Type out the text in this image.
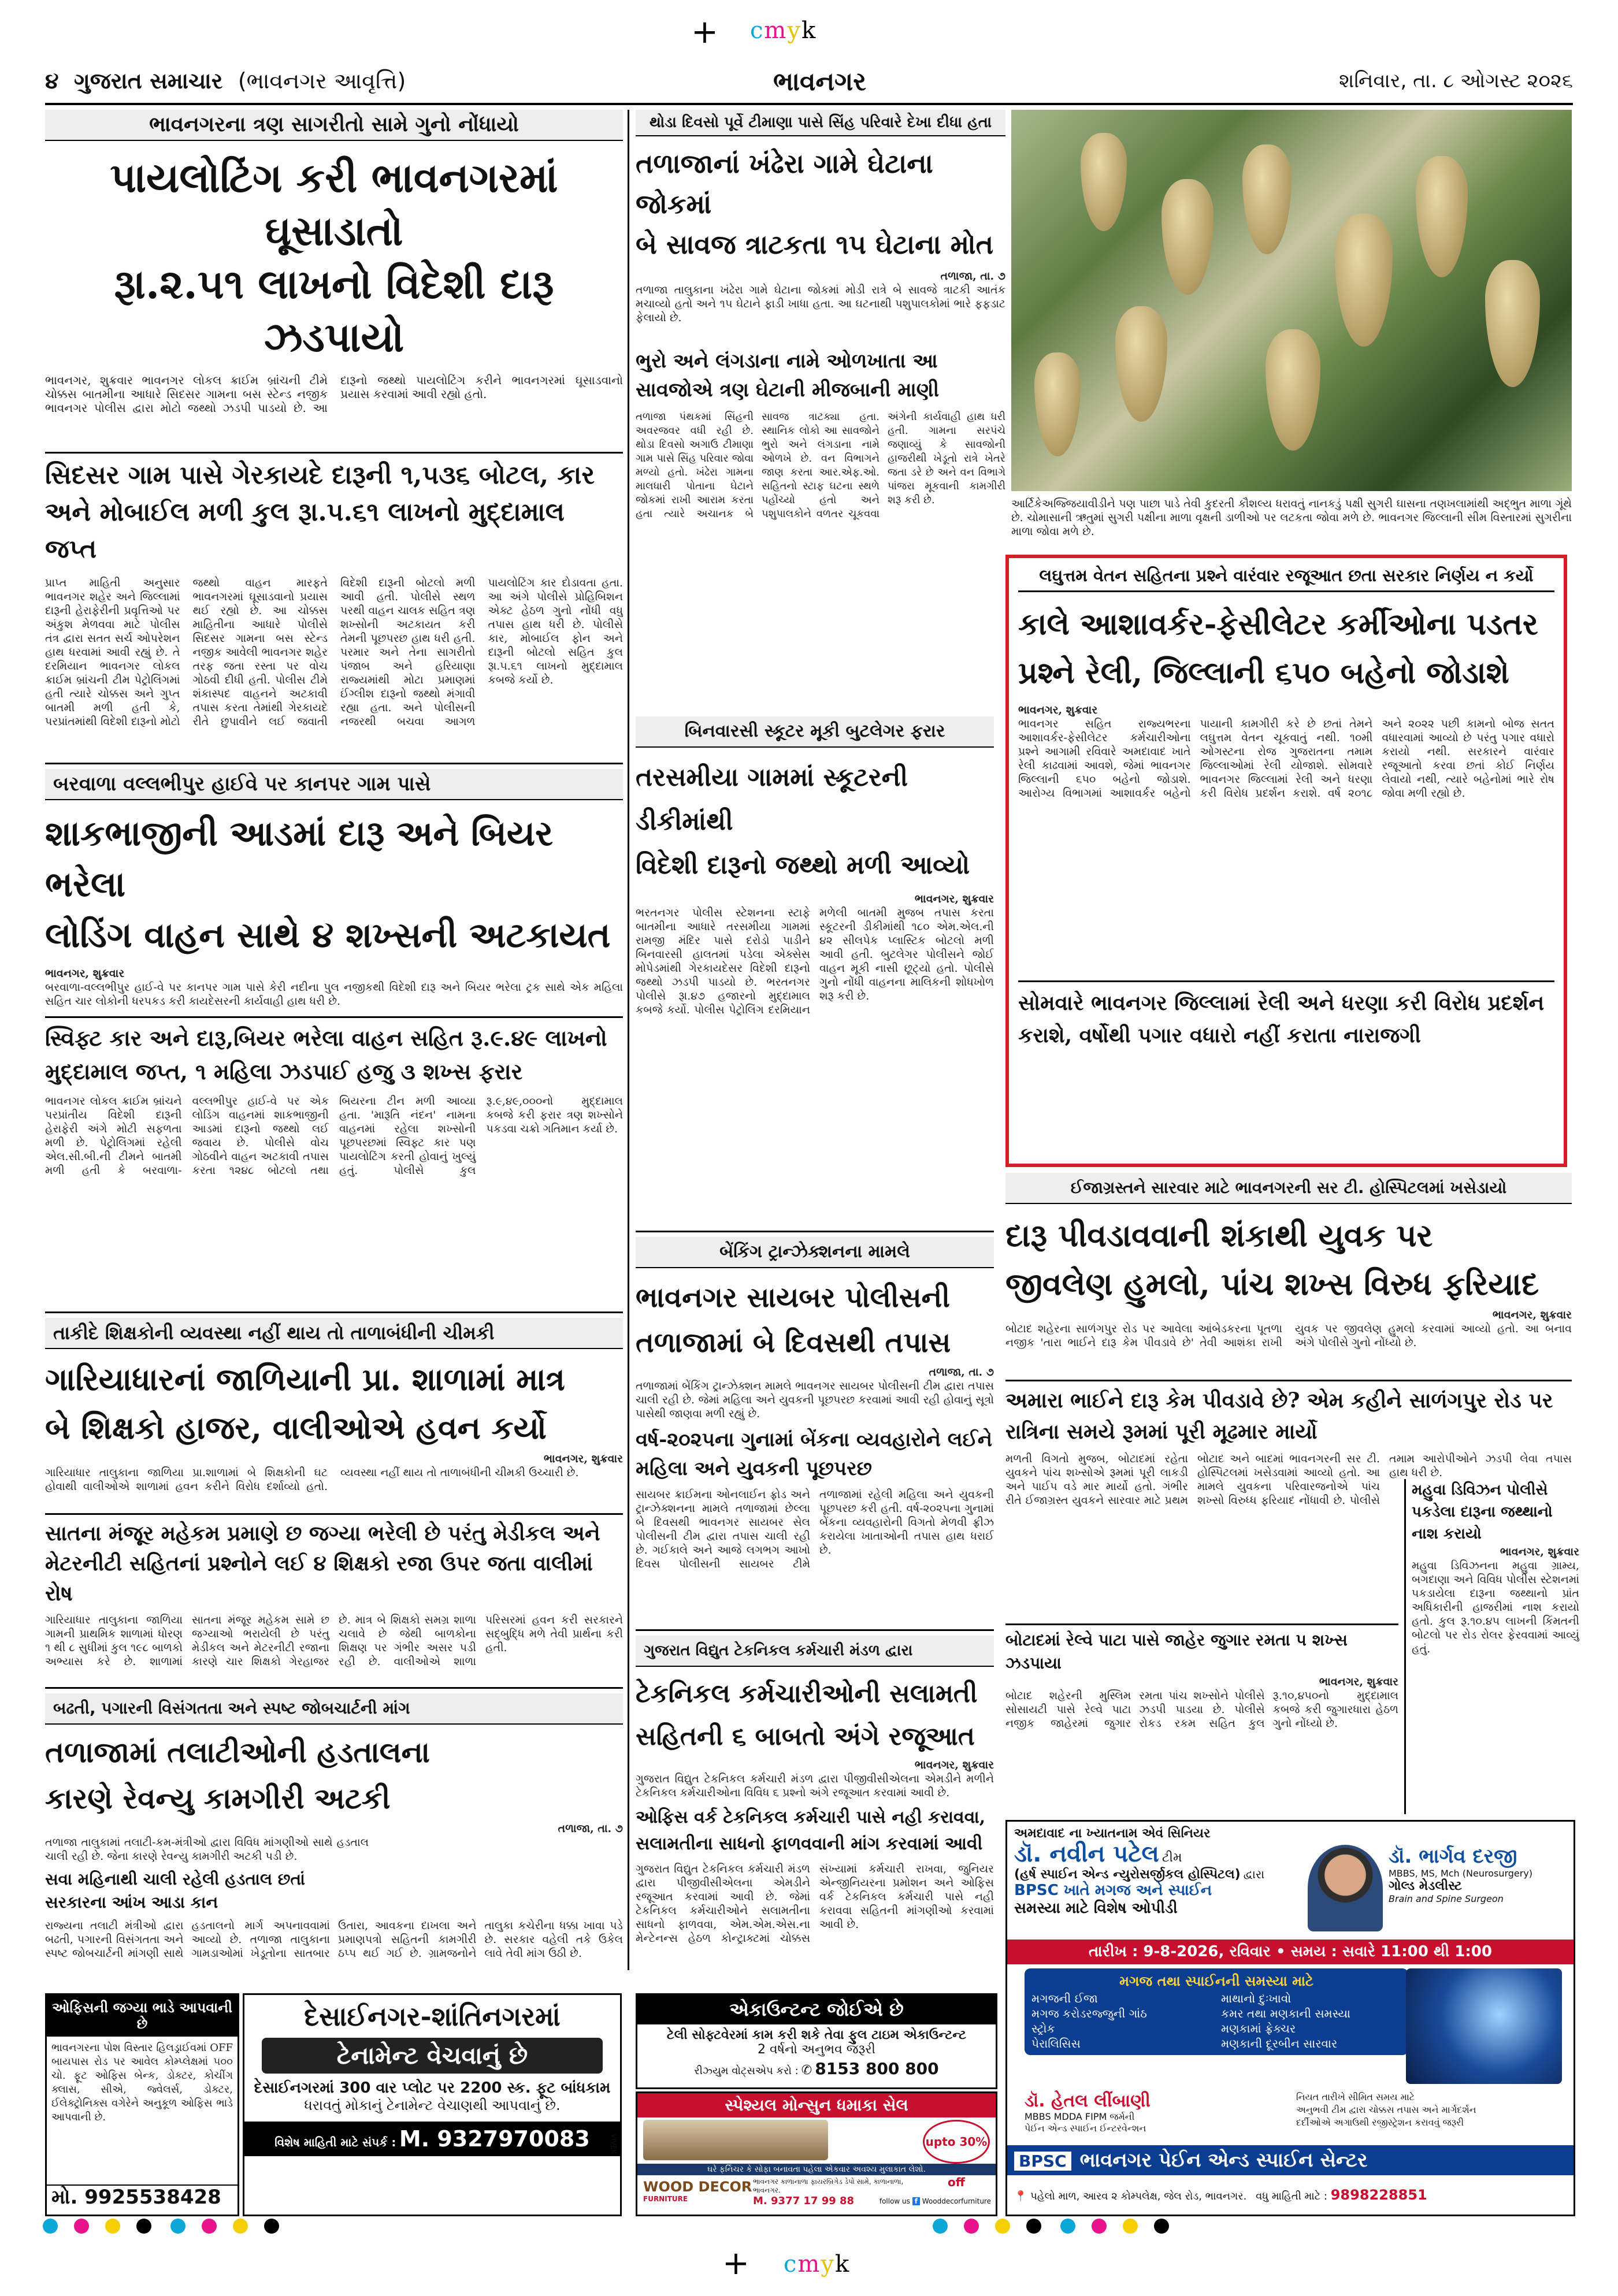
+ cmyk
+ cmyk

૪ ગુજરાત સમાચાર (ભાવનગર આવૃત્તિ)	ભાવનગર	શનિવાર, તા. ૮ ઓગસ્ટ ૨૦૨૬
ભાવનગરના ત્રણ સાગરીતો સામે ગુનો નોંધાયો
પાયલોટિંગ કરી ભાવનગરમાં ઘૂસાડાતો
રૂા.૨.૫૧ લાખનો વિદેશી દારૂ ઝડપાયો
ભાવનગર, શુક્રવાર ભાવનગર લોકલ ક્રાઈમ બ્રાંચની ટીમે ચોક્કસ બાતમીના આધારે સિદસર ગામના બસ સ્ટેન્ડ નજીક ભાવનગર પોલીસ દ્વારા મોટો જથ્થો ઝડપી પાડયો છે. આ દારૂનો જથ્થો પાયલોટિંગ કરીને ભાવનગરમાં ઘૂસાડવાનો પ્રયાસ કરવામાં આવી રહ્યો હતો.
સિદસર ગામ પાસે ગેરકાયદે દારૂની ૧,૫૩૬ બોટલ, કાર અને મોબાઈલ મળી કુલ રૂા.૫.૬૧ લાખનો મુદ્દામાલ જપ્ત
પ્રાપ્ત માહિતી અનુસાર ભાવનગર શહેર અને જિલ્લામાં દારૂની હેરાફેરીની પ્રવૃત્તિઓ પર અંકુશ મેળવવા માટે પોલીસ તંત્ર દ્વારા સતત સર્ચ ઓપરેશન હાથ ધરવામાં આવી રહ્યું છે. તે દરમિયાન ભાવનગર લોકલ ક્રાઈમ બ્રાંચની ટીમ પેટ્રોલિંગમાં હતી ત્યારે ચોક્કસ અને ગુપ્ત બાતમી મળી હતી કે, પરપ્રાંતમાંથી વિદેશી દારૂનો મોટો જથ્થો વાહન મારફતે ભાવનગરમાં ઘૂસાડવાનો પ્રયાસ થઈ રહ્યો છે. આ ચોક્કસ માહિતીના આધારે પોલીસે સિદસર ગામના બસ સ્ટેન્ડ નજીક આવેલી ભાવનગર શહેર તરફ જતા રસ્તા પર વોચ ગોઠવી દીધી હતી. પોલીસ ટીમે શંકાસ્પદ વાહનને અટકાવી તપાસ કરતા તેમાંથી ગેરકાયદે રીતે છુપાવીને લઈ જવાતી વિદેશી દારૂની બોટલો મળી આવી હતી. પોલીસે સ્થળ પરથી વાહન ચાલક સહિત ત્રણ શખ્સોની અટકાયત કરી તેમની પૂછપરછ હાથ ધરી હતી. પરમાર અને તેના સાગરીતો પંજાબ અને હરિયાણા રાજ્યમાંથી મોટા પ્રમાણમાં ઈંગ્લીશ દારૂનો જથ્થો મંગાવી રહ્યા હતા. અને પોલીસની નજરથી બચવા આગળ પાયલોટિંગ કાર દોડાવતા હતા. આ અંગે પોલીસે પ્રોહિબિશન એક્ટ હેઠળ ગુનો નોંધી વધુ તપાસ હાથ ધરી છે. પોલીસે કાર, મોબાઈલ ફોન અને દારૂની બોટલો સહિત કુલ રૂા.૫.૬૧ લાખનો મુદ્દામાલ કબજે કર્યો છે.
થોડા દિવસો પૂર્વે ટીમાણા પાસે સિંહ પરિવારે દેખા દીધા હતા
તળાજાનાં ખંઢેરા ગામે ઘેટાના જોકમાં
બે સાવજ ત્રાટકતા ૧૫ ઘેટાના મોત
તળાજા, તા. ૭
તળાજા તાલુકાના ખંઢેરા ગામે ઘેટાના જોકમાં મોડી રાત્રે બે સાવજે ત્રાટકી આતંક મચાવ્યો હતો અને ૧૫ ઘેટાને ફાડી ખાધા હતા. આ ઘટનાથી પશુપાલકોમાં ભારે ફફડાટ ફેલાયો છે.
ભુરો અને લંગડાના નામે ઓળખાતા આ સાવજોએ ત્રણ ઘેટાની મીજબાની માણી
તળાજા પંથકમાં સિંહની અવરજવર વધી રહી છે. થોડા દિવસો અગાઉ ટીમાણા ગામ પાસે સિંહ પરિવાર જોવા મળ્યો હતો. ખંઢેરા ગામના માલધારી પોતાના ઘેટાને જોકમાં રાખી આરામ કરતા હતા ત્યારે અચાનક બે સાવજ ત્રાટક્યા હતા. સ્થાનિક લોકો આ સાવજોને ભુરો અને લંગડાના નામે ઓળખે છે. વન વિભાગને જાણ કરતા આર.એફ.ઓ. સહિતનો સ્ટાફ ઘટના સ્થળે પહોંચ્યો હતો અને પશુપાલકોને વળતર ચૂકવવા અંગેની કાર્યવાહી હાથ ધરી હતી. ગામના સરપંચે જણાવ્યું કે સાવજોની હાજરીથી ખેડૂતો રાત્રે ખેતરે જતા ડરે છે અને વન વિભાગે પાંજરા મૂકવાની કામગીરી શરૂ કરી છે.	આર્ટિકેઅજ્જિયાવીડીને પણ પાછા પાડે તેવી કુદરતી કૌશલ્ય ધરાવતું નાનકડું પક્ષી સુગરી ઘાસના તણખલામાંથી અદ્ભુત માળા ગૂંથે છે. ચોમાસાની ઋતુમાં સુગરી પક્ષીના માળા વૃક્ષની ડાળીઓ પર લટકતા જોવા મળે છે. ભાવનગર જિલ્લાની સીમ વિસ્તારમાં સુગરીના માળા જોવા મળે છે.
લઘુત્તમ વેતન સહિતના પ્રશ્ને વારંવાર રજૂઆત છતા સરકાર નિર્ણય ન કર્યો
કાલે આશાવર્કર-ફેસીલેટર કર્મીઓના પડતર
પ્રશ્ને રેલી, જિલ્લાની ૬૫૦ બહેનો જોડાશે
ભાવનગર, શુક્રવાર
ભાવનગર સહિત રાજ્યભરના આશાવર્કર-ફેસીલેટર કર્મચારીઓના પ્રશ્ને આગામી રવિવારે અમદાવાદ ખાતે રેલી કાઢવામાં આવશે, જેમાં ભાવનગર જિલ્લાની ૬૫૦ બહેનો જોડાશે. આરોગ્ય વિભાગમાં આશાવર્કર બહેનો પાયાની કામગીરી કરે છે છતાં તેમને લઘુત્તમ વેતન ચૂકવાતું નથી. ૧૦મી ઓગસ્ટના રોજ ગુજરાતના તમામ જિલ્લાઓમાં રેલી યોજાશે. સોમવારે ભાવનગર જિલ્લામાં રેલી અને ધરણા કરી વિરોધ પ્રદર્શન કરાશે. વર્ષ ૨૦૧૮ અને ૨૦૨૨ પછી કામનો બોજ સતત વધારવામાં આવ્યો છે પરંતુ પગાર વધારો કરાયો નથી. સરકારને વારંવાર રજૂઆતો કરવા છતાં કોઈ નિર્ણય લેવાયો નથી, ત્યારે બહેનોમાં ભારે રોષ જોવા મળી રહ્યો છે.
સોમવારે ભાવનગર જિલ્લામાં રેલી અને ધરણા કરી વિરોધ પ્રદર્શન કરાશે, વર્ષોથી પગાર વધારો નહીં કરાતા નારાજગી
બિનવારસી સ્કૂટર મૂકી બુટલેગર ફરાર
તરસમીયા ગામમાં સ્કૂટરની ડીકીમાંથી
વિદેશી દારૂનો જથ્થો મળી આવ્યો
ભાવનગર, શુક્રવાર
ભરતનગર પોલીસ સ્ટેશનના સ્ટાફે બાતમીના આધારે તરસમીયા ગામમાં રામજી મંદિર પાસે દરોડો પાડીને બિનવારસી હાલતમાં પડેલા એક્સેસ મોપેડમાંથી ગેરકાયદેસર વિદેશી દારૂનો જથ્થો ઝડપી પાડયો છે. ભરતનગર પોલીસે રૂા.૪૭ હજારનો મુદ્દામાલ કબજે કર્યો. પોલીસ પેટ્રોલિંગ દરમિયાન મળેલી બાતમી મુજબ તપાસ કરતા સ્કૂટરની ડીકીમાંથી ૧૮૦ એમ.એલ.ની ૪૨ સીલપેક પ્લાસ્ટિક બોટલો મળી આવી હતી. બુટલેગર પોલીસને જોઈ વાહન મૂકી નાસી છૂટ્યો હતો. પોલીસે ગુનો નોંધી વાહનના માલિકની શોધખોળ શરૂ કરી છે.
બરવાળા વલ્લભીપુર હાઈવે પર કાનપર ગામ પાસે
શાકભાજીની આડમાં દારૂ અને બિયર ભરેલા
લોડિંગ વાહન સાથે ૪ શખ્સની અટકાયત
ભાવનગર, શુક્રવાર
બરવાળા-વલ્લભીપુર હાઈ-વે પર કાનપર ગામ પાસે કેરી નદીના પુલ નજીકથી વિદેશી દારૂ અને બિયર ભરેલા ટ્રક સાથે એક મહિલા સહિત ચાર લોકોની ધરપકડ કરી કાયદેસરની કાર્યવાહી હાથ ધરી છે.
સ્વિફ્ટ કાર અને દારૂ,બિયર ભરેલા વાહન સહિત રૂ.૯.૪૯ લાખનો મુદ્દામાલ જપ્ત, ૧ મહિલા ઝડપાઈ હજુ ૩ શખ્સ ફરાર
ભાવનગર લોકલ ક્રાઈમ બ્રાંચને પરપ્રાંતીય વિદેશી દારૂની હેરાફેરી અંગે મોટી સફળતા મળી છે. પેટ્રોલિંગમાં રહેલી એલ.સી.બી.ની ટીમને બાતમી મળી હતી કે બરવાળા-વલ્લભીપુર હાઈ-વે પર એક લોડિંગ વાહનમાં શાકભાજીની આડમાં દારૂનો જથ્થો લઈ જવાય છે. પોલીસે વોચ ગોઠવીને વાહન અટકાવી તપાસ કરતા ૧૨૪૮ બોટલો તથા બિયરના ટીન મળી આવ્યા હતા. 'મારૂતિ નંદન' નામના વાહનમાં રહેલા શખ્સોની પૂછપરછમાં સ્વિફ્ટ કાર પણ પાયલોટિંગ કરતી હોવાનું ખુલ્યું હતું. પોલીસે કુલ રૂ.૯,૪૯,૦૦૦નો મુદ્દામાલ કબજે કરી ફરાર ત્રણ શખ્સોને પકડવા ચક્રો ગતિમાન કર્યા છે.
બેંકિંગ ટ્રાન્ઝેક્શનના મામલે
ભાવનગર સાયબર પોલીસની
તળાજામાં બે દિવસથી તપાસ
તળાજા, તા. ૭
તળાજામાં બેંકિંગ ટ્રાન્ઝેક્શન મામલે ભાવનગર સાયબર પોલીસની ટીમ દ્વારા તપાસ ચાલી રહી છે. જેમાં મહિલા અને યુવકની પૂછપરછ કરવામાં આવી રહી હોવાનું સૂત્રો પાસેથી જાણવા મળી રહ્યું છે.
વર્ષ-૨૦૨૫ના ગુનામાં બેંકના વ્યવહારોને લઈને મહિલા અને યુવકની પૂછપરછ
સાયબર ક્રાઈમના ઓનલાઈન ફ્રોડ અને ટ્રાન્ઝેક્શનના મામલે તળાજામાં છેલ્લા બે દિવસથી ભાવનગર સાયબર સેલ પોલીસની ટીમ દ્વારા તપાસ ચાલી રહી છે. ગઈકાલે અને આજે લગભગ આખો દિવસ પોલીસની સાયબર ટીમે તળાજામાં રહેલી મહિલા અને યુવકની પૂછપરછ કરી હતી. વર્ષ-૨૦૨૫ના ગુનામાં બેંકના વ્યવહારોની વિગતો મેળવી ફ્રીઝ કરાયેલા ખાતાઓની તપાસ હાથ ધરાઈ છે.
ઈજાગ્રસ્તને સારવાર માટે ભાવનગરની સર ટી. હોસ્પિટલમાં ખસેડાયો
દારૂ પીવડાવવાની શંકાથી યુવક પર
જીવલેણ હુમલો, પાંચ શખ્સ વિરુધ ફરિયાદ
ભાવનગર, શુક્રવાર
બોટાદ શહેરના સાળંગપુર રોડ પર આવેલા આંબેડકરના પૂતળા નજીક 'તારા ભાઈને દારૂ કેમ પીવડાવે છે' તેવી આશંકા રાખી યુવક પર જીવલેણ હુમલો કરવામાં આવ્યો હતો. આ બનાવ અંગે પોલીસે ગુનો નોંધ્યો છે.
અમારા ભાઈને દારૂ કેમ પીવડાવે છે? એમ કહીને સાળંગપુર રોડ પર રાત્રિના સમયે રૂમમાં પૂરી મૂઢમાર માર્યો
મળતી વિગતો મુજબ, બોટાદમાં રહેતા યુવકને પાંચ શખ્સોએ રૂમમાં પૂરી લાકડી અને પાઈપ વડે માર માર્યો હતો. ગંભીર રીતે ઈજાગ્રસ્ત યુવકને સારવાર માટે પ્રથમ બોટાદ અને બાદમાં ભાવનગરની સર ટી. હોસ્પિટલમાં ખસેડવામાં આવ્યો હતો. આ મામલે યુવકના પરિવારજનોએ પાંચ શખ્સો વિરુધ્ધ ફરિયાદ નોંધાવી છે. પોલીસે તમામ આરોપીઓને ઝડપી લેવા તપાસ હાથ ધરી છે.
તાકીદે શિક્ષકોની વ્યવસ્થા નહીં થાય તો તાળાબંધીની ચીમકી
ગારિયાધારનાં જાળિયાની પ્રા. શાળામાં માત્ર
બે શિક્ષકો હાજર, વાલીઓએ હવન કર્યો
ભાવનગર, શુક્રવાર
ગારિયાધાર તાલુકાના જાળિયા પ્રા.શાળામાં બે શિક્ષકોની ઘટ હોવાથી વાલીઓએ શાળામાં હવન કરીને વિરોધ દર્શાવ્યો હતો. વ્યવસ્થા નહીં થાય તો તાળાબંધીની ચીમકી ઉચ્ચારી છે.
સાતના મંજૂર મહેકમ પ્રમાણે છ જગ્યા ભરેલી છે પરંતુ મેડીકલ અને મેટરનીટી સહિતનાં પ્રશ્નોને લઈ ૪ શિક્ષકો રજા ઉપર જતા વાલીમાં રોષ
ગારિયાધાર તાલુકાના જાળિયા ગામની પ્રાથમિક શાળામાં ધોરણ ૧ થી ૮ સુધીમાં કુલ ૧૯૮ બાળકો અભ્યાસ કરે છે. શાળામાં સાતના મંજૂર મહેકમ સામે છ જગ્યાઓ ભરાયેલી છે પરંતુ મેડીકલ અને મેટરનીટી રજાના કારણે ચાર શિક્ષકો ગેરહાજર છે. માત્ર બે શિક્ષકો સમગ્ર શાળા ચલાવે છે જેથી બાળકોના શિક્ષણ પર ગંભીર અસર પડી રહી છે. વાલીઓએ શાળા પરિસરમાં હવન કરી સરકારને સદ્બુદ્ધિ મળે તેવી પ્રાર્થના કરી હતી.	ગુજરાત વિદ્યુત ટેકનિકલ કર્મચારી મંડળ દ્વારા
ટેકનિકલ કર્મચારીઓની સલામતી
સહિતની ૬ બાબતો અંગે રજૂઆત
ભાવનગર, શુક્રવાર
ગુજરાત વિદ્યુત ટેકનિકલ કર્મચારી મંડળ દ્વારા પીજીવીસીએલના એમડીને મળીને ટેકનિકલ કર્મચારીઓના વિવિધ ૬ પ્રશ્નો અંગે રજૂઆત કરવામાં આવી છે.
ઓફિસ વર્ક ટેકનિકલ કર્મચારી પાસે નહી કરાવવા, સલામતીના સાધનો ફાળવવાની માંગ કરવામાં આવી
ગુજરાત વિદ્યુત ટેકનિકલ કર્મચારી મંડળ દ્વારા પીજીવીસીએલના એમડીને રજૂઆત કરવામાં આવી છે. જેમાં ટેકનિકલ કર્મચારીઓને સલામતીના સાધનો ફાળવવા, એમ.એમ.એસ.ના મેન્ટેનન્સ હેઠળ કોન્ટ્રાક્ટમાં ચોક્કસ સંખ્યામાં કર્મચારી રાખવા, જુનિયર એન્જીનિયરના પ્રમોશન અને ઓફિસ વર્ક ટેકનિકલ કર્મચારી પાસે નહી કરાવવા સહિતની માંગણીઓ કરવામાં આવી છે.
બોટાદમાં રેલ્વે પાટા પાસે જાહેર જુગાર રમતા ૫ શખ્સ ઝડપાયા
ભાવનગર, શુક્રવાર
બોટાદ શહેરની મુસ્લિમ સોસાયટી પાસે રેલ્વે પાટા નજીક જાહેરમાં જુગાર રમતા પાંચ શખ્સોને પોલીસે ઝડપી પાડયા છે. પોલીસે રોકડ રકમ સહિત કુલ રૂ.૧૦,૪૫૦નો મુદ્દામાલ કબજે કરી જુગારધારા હેઠળ ગુનો નોંધ્યો છે.
મહુવા ડિવિઝન પોલીસે પકડેલા દારૂના જથ્થાનો નાશ કરાયો
ભાવનગર, શુક્રવાર
મહુવા ડિવિઝનના મહુવા ગ્રામ્ય, બગદાણા અને વિવિધ પોલીસ સ્ટેશનમાં પકડાયેલા દારૂના જથ્થાનો પ્રાંત અધિકારીની હાજરીમાં નાશ કરાયો હતો. કુલ રૂ.૧૦.૪૫ લાખની કિંમતની બોટલો પર રોડ રોલર ફેરવવામાં આવ્યું હતું.
બઢતી, પગારની વિસંગતતા અને સ્પષ્ટ જોબચાર્ટની માંગ
તળાજામાં તલાટીઓની હડતાલના
કારણે રેવન્યુ કામગીરી અટકી
તળાજા, તા. ૭
તળાજા તાલુકામાં તલાટી-કમ-મંત્રીઓ દ્વારા વિવિધ માંગણીઓ સાથે હડતાલ ચાલી રહી છે. જેના કારણે રેવન્યુ કામગીરી અટકી પડી છે.
સવા મહિનાથી ચાલી રહેલી હડતાલ છતાં સરકારના આંખ આડા કાન
રાજ્યના તલાટી મંત્રીઓ દ્વારા બઢતી, પગારની વિસંગતતા અને સ્પષ્ટ જોબચાર્ટની માંગણી સાથે હડતાલનો માર્ગ અપનાવવામાં આવ્યો છે. તળાજા તાલુકાના ગામડાઓમાં ખેડૂતોના સાતબાર ઉતારા, આવકના દાખલા અને પ્રમાણપત્રો સહિતની કામગીરી ઠપ્પ થઈ ગઈ છે. ગ્રામજનોને તાલુકા કચેરીના ધક્કા ખાવા પડે છે. સરકાર વહેલી તકે ઉકેલ લાવે તેવી માંગ ઉઠી છે.
ઓફિસની જગ્યા ભાડે આપવાની છે
ભાવનગરના પોશ વિસ્તાર હિલડ્રાઈવમાં OFF બાયપાસ રોડ પર આવેલ કોમ્પ્લેક્ષમાં ૫૦૦ ચો. ફૂટ ઓફિસ બેન્ક, ડોક્ટર, કોચીંગ ક્લાસ, સીએ, જ્વેલર્સ, ડોક્ટર, ઈલેક્ટ્રોનિક્સ વગેરેને અનુકૂળ ઓફિસ ભાડે આપવાની છે.
મો. 9925538428
દેસાઈનગર-શાંતિનગરમાં
ટેનામેન્ટ વેચવાનું છે
દેસાઈનગરમાં 300 વાર પ્લોટ પર 2200 સ્ક. ફૂટ બાંધકામ
ધરાવતું મોકાનું ટેનામેન્ટ વેચાણથી આપવાનું છે.
વિશેષ માહિતી માટે સંપર્ક : M. 9327970083	VIVEK
એકાઉન્ટન્ટ જોઈએ છે
ટેલી સોફ્ટવેરમાં કામ કરી શકે તેવા ફુલ ટાઇમ એકાઉન્ટન્ટ
2 વર્ષનો અનુભવ જરૂરી
રીઝ્યુમ વોટ્સએપ કરો : ✆ 8153 800 800
સ્પેશ્યલ મોન્સુન ધમાકા સેલ
upto 30% off
ઘરે ફર્નિચર કે સોફા બનાવતા પહેલા એકવાર અવશ્ય મુલાકાત લેશો.
WOOD DECOR
FURNITURE
ભાવનગર કાળાનાળા ફાયરબ્રિગેડ ડેપો સામે, કાળાનાળા, ભાવનગર.
M. 9377 17 99 88	follow us f Wooddecorfurniture
અમદાવાદ ના ખ્યાતનામ એવં સિનિયર
ડૉ. નવીન પટેલ ટીમ
(હર્ષ સ્પાઈન એન્ડ ન્યુરોસર્જીકલ હોસ્પિટલ) દ્વારા
BPSC ખાતે મગજ અને સ્પાઈન
સમસ્યા માટે વિશેષ ઓપીડી
ડૉ. ભાર્ગવ દરજી
MBBS, MS, Mch (Neurosurgery)
ગોલ્ડ મેડલીસ્ટ
Brain and Spine Surgeon
તારીખ : 9-8-2026, રવિવાર • સમય : સવારે 11:00 થી 1:00
મગજ તથા સ્પાઈનની સમસ્યા માટે
મગજની ઈજા	માથાનો દુઃખાવો
મગજ કરોડરજ્જુની ગાંઠ	કમર તથા મણકાની સમસ્યા
સ્ટ્રોક	મણકામાં ફ્રેક્ચર
પેરાલિસિસ	મણકાની દૂરબીન સારવાર
ડૉ. હેતલ લીંબાણી
MBBS MDDA FIPM જર્મની
પેઈન એન્ડ સ્પાઈન ઈન્ટરવેન્શન
નિયત તારીખે સીમિત સમય માટે
અનુભવી ટીમ દ્વારા ચોક્કસ તપાસ અને માર્ગદર્શન
દર્દીઓએ અગાઉથી રજીસ્ટ્રેશન કરાવવું જરૂરી
BPSC ભાવનગર પેઈન એન્ડ સ્પાઈન સેન્ટર
📍 પહેલો માળ, આરવ ૨ કોમ્પલેક્ષ, જેલ રોડ, ભાવનગર. વધુ માહિતી માટે : 9898228851
